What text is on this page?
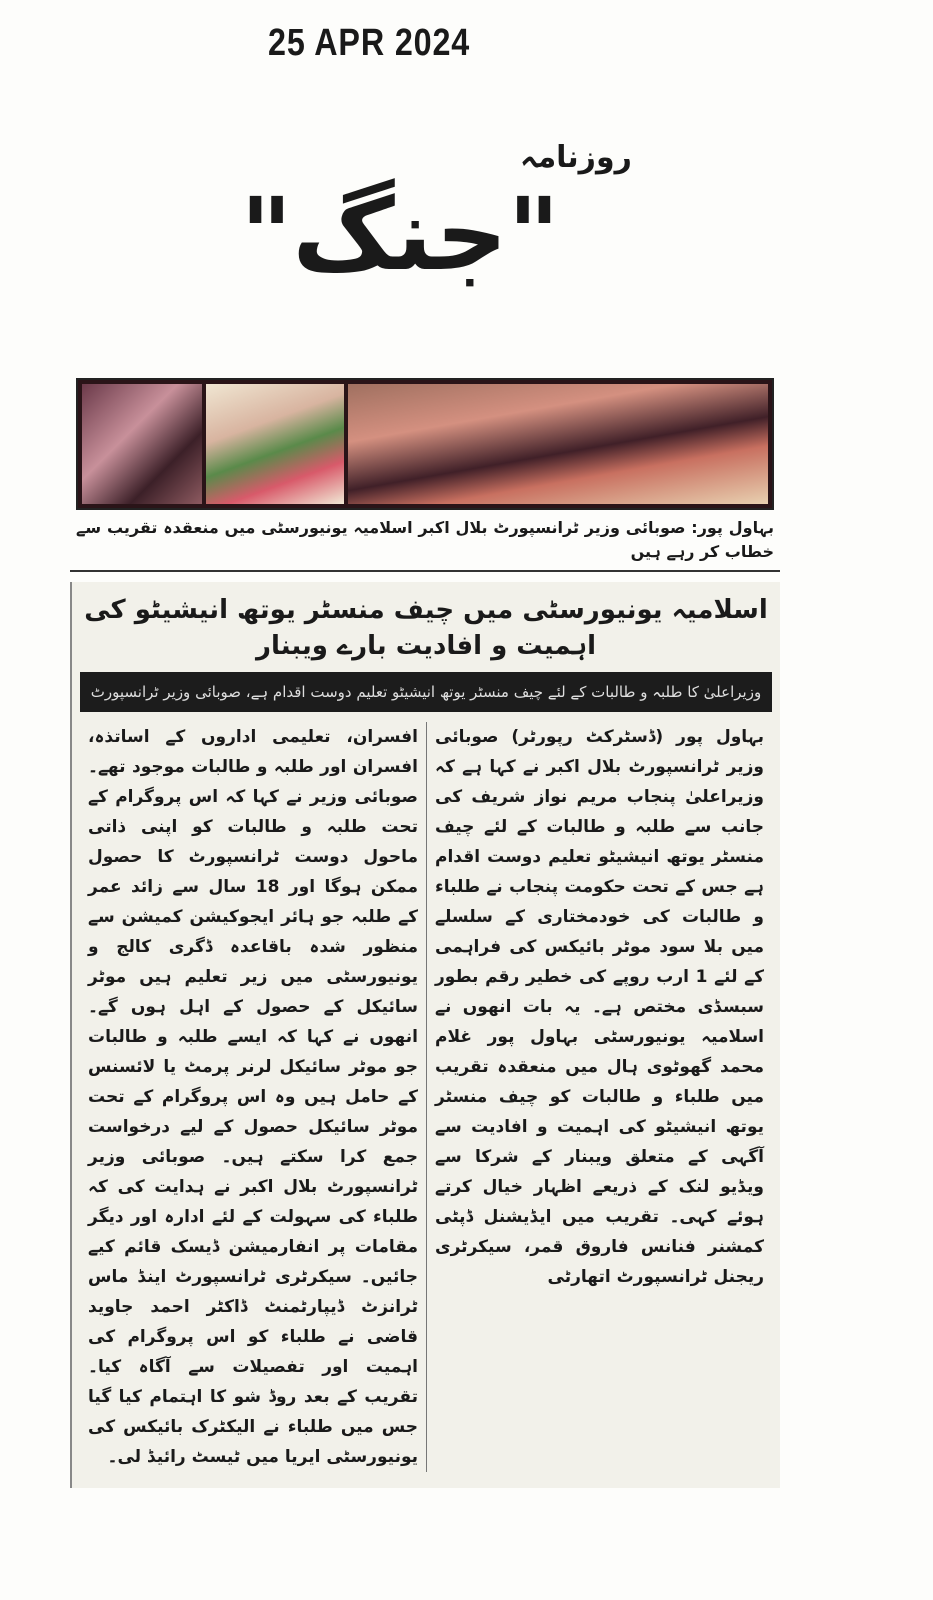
25 APR 2024
روزنامہ
"جنگ"
بہاول پور: صوبائی وزیر ٹرانسپورٹ بلال اکبر اسلامیہ یونیورسٹی میں منعقدہ تقریب سے خطاب کر رہے ہیں
اسلامیہ یونیورسٹی میں چیف منسٹر یوتھ انیشیٹو کی اہمیت و افادیت بارے ویبنار
وزیراعلیٰ کا طلبہ و طالبات کے لئے چیف منسٹر یوتھ انیشیٹو تعلیم دوست اقدام ہے، صوبائی وزیر ٹرانسپورٹ
بہاول پور (ڈسٹرکٹ رپورٹر) صوبائی وزیر ٹرانسپورٹ بلال اکبر نے کہا ہے کہ وزیراعلیٰ پنجاب مریم نواز شریف کی جانب سے طلبہ و طالبات کے لئے چیف منسٹر یوتھ انیشیٹو تعلیم دوست اقدام ہے جس کے تحت حکومت پنجاب نے طلباء و طالبات کی خودمختاری کے سلسلے میں بلا سود موٹر بائیکس کی فراہمی کے لئے 1 ارب روپے کی خطیر رقم بطور سبسڈی مختص ہے۔ یہ بات انھوں نے اسلامیہ یونیورسٹی بہاول پور غلام محمد گھوٹوی ہال میں منعقدہ تقریب میں طلباء و طالبات کو چیف منسٹر یوتھ انیشیٹو کی اہمیت و افادیت سے آگہی کے متعلق ویبنار کے شرکا سے ویڈیو لنک کے ذریعے اظہار خیال کرتے ہوئے کہی۔ تقریب میں ایڈیشنل ڈپٹی کمشنر فنانس فاروق قمر، سیکرٹری ریجنل ٹرانسپورٹ اتھارٹی
افسران، تعلیمی اداروں کے اساتذہ، افسران اور طلبہ و طالبات موجود تھے۔ صوبائی وزیر نے کہا کہ اس پروگرام کے تحت طلبہ و طالبات کو اپنی ذاتی ماحول دوست ٹرانسپورٹ کا حصول ممکن ہوگا اور 18 سال سے زائد عمر کے طلبہ جو ہائر ایجوکیشن کمیشن سے منظور شدہ باقاعدہ ڈگری کالج و یونیورسٹی میں زیر تعلیم ہیں موٹر سائیکل کے حصول کے اہل ہوں گے۔ انھوں نے کہا کہ ایسے طلبہ و طالبات جو موٹر سائیکل لرنر پرمٹ یا لائسنس کے حامل ہیں وہ اس پروگرام کے تحت موٹر سائیکل حصول کے لیے درخواست جمع کرا سکتے ہیں۔ صوبائی وزیر ٹرانسپورٹ بلال اکبر نے ہدایت کی کہ طلباء کی سہولت کے لئے ادارہ اور دیگر مقامات پر انفارمیشن ڈیسک قائم کیے جائیں۔ سیکرٹری ٹرانسپورٹ اینڈ ماس ٹرانزٹ ڈیپارٹمنٹ ڈاکٹر احمد جاوید قاضی نے طلباء کو اس پروگرام کی اہمیت اور تفصیلات سے آگاہ کیا۔ تقریب کے بعد روڈ شو کا اہتمام کیا گیا جس میں طلباء نے الیکٹرک بائیکس کی یونیورسٹی ایریا میں ٹیسٹ رائیڈ لی۔
